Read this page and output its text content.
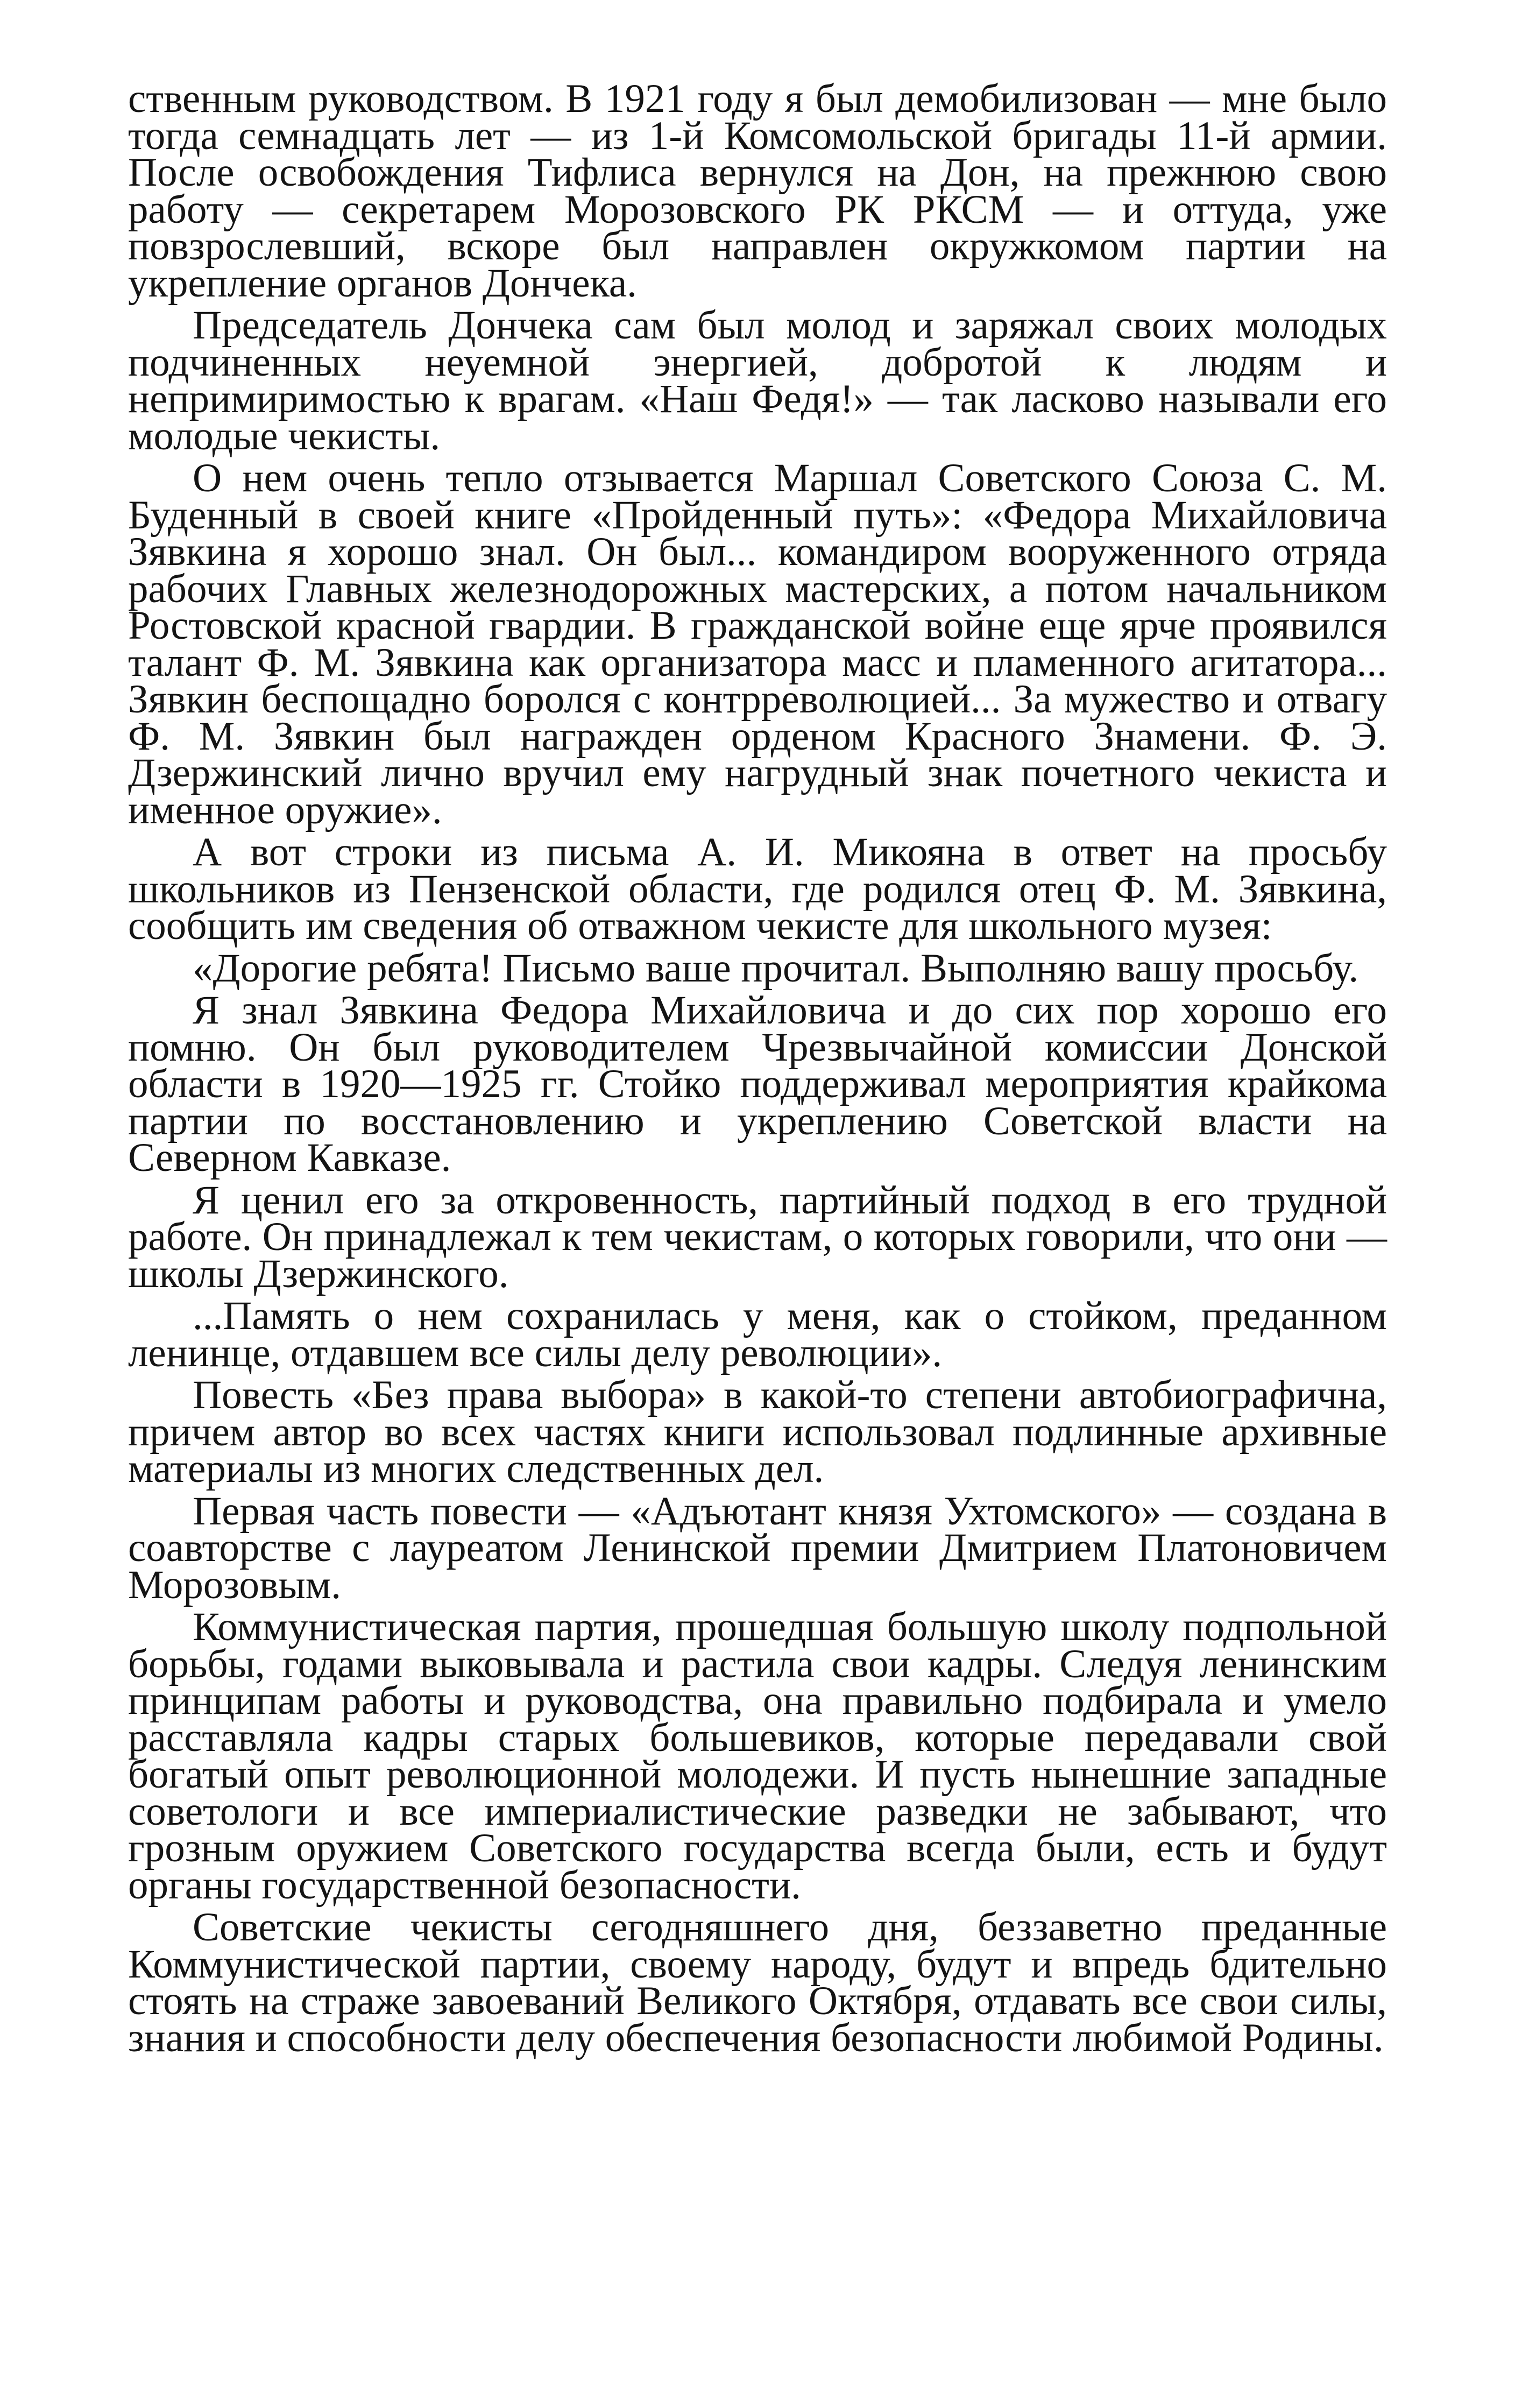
ственным руководством. В 1921 году я был демобилизован — мне было тогда семнадцать лет — из 1-й Комсомольской бригады 11-й армии. После освобождения Тифлиса вернулся на Дон, на прежнюю свою работу — секретарем Морозовского РК РКСМ — и оттуда, уже повзрослевший, вскоре был направлен окружкомом партии на укрепление органов Дончека.

Председатель Дончека сам был молод и заряжал своих молодых подчиненных неуемной энергией, добротой к людям и непримиримостью к врагам. «Наш Федя!» — так ласково называли его молодые чекисты.

О нем очень тепло отзывается Маршал Советского Союза С. М. Буденный в своей книге «Пройденный путь»: «Федора Михайловича Зявкина я хорошо знал. Он был... командиром вооруженного отряда рабочих Главных железнодорожных мастерских, а потом начальником Ростовской красной гвардии. В гражданской войне еще ярче проявился талант Ф. М. Зявкина как организатора масс и пламенного агитатора... Зявкин беспощадно боролся с контрреволюцией... За мужество и отвагу Ф. М. Зявкин был награжден орденом Красного Знамени. Ф. Э. Дзержинский лично вручил ему нагрудный знак почетного чекиста и именное оружие».

А вот строки из письма А. И. Микояна в ответ на просьбу школьников из Пензенской области, где родился отец Ф. М. Зявкина, сообщить им сведения об отважном чекисте для школьного музея:

«Дорогие ребята! Письмо ваше прочитал. Выполняю вашу просьбу.

Я знал Зявкина Федора Михайловича и до сих пор хорошо его помню. Он был руководителем Чрезвычайной комиссии Донской области в 1920—1925 гг. Стойко поддерживал мероприятия крайкома партии по восстановлению и укреплению Советской власти на Северном Кавказе.

Я ценил его за откровенность, партийный подход в его трудной работе. Он принадлежал к тем чекистам, о которых говорили, что они — школы Дзержинского.

...Память о нем сохранилась у меня, как о стойком, преданном ленинце, отдавшем все силы делу революции».

Повесть «Без права выбора» в какой-то степени автобиографична, причем автор во всех частях книги использовал подлинные архивные материалы из многих следственных дел.

Первая часть повести — «Адъютант князя Ухтомского» — создана в соавторстве с лауреатом Ленинской премии Дмитрием Платоновичем Морозовым.

Коммунистическая партия, прошедшая большую школу подпольной борьбы, годами выковывала и растила свои кадры. Следуя ленинским принципам работы и руководства, она правильно подбирала и умело расставляла кадры старых большевиков, которые передавали свой богатый опыт революционной молодежи. И пусть нынешние западные советологи и все империалистические разведки не забывают, что грозным оружием Советского государства всегда были, есть и будут органы государственной безопасности.

Советские чекисты сегодняшнего дня, беззаветно преданные Коммунистической партии, своему народу, будут и впредь бдительно стоять на страже завоеваний Великого Октября, отдавать все свои силы, знания и способности делу обеспечения безопасности любимой Родины.
